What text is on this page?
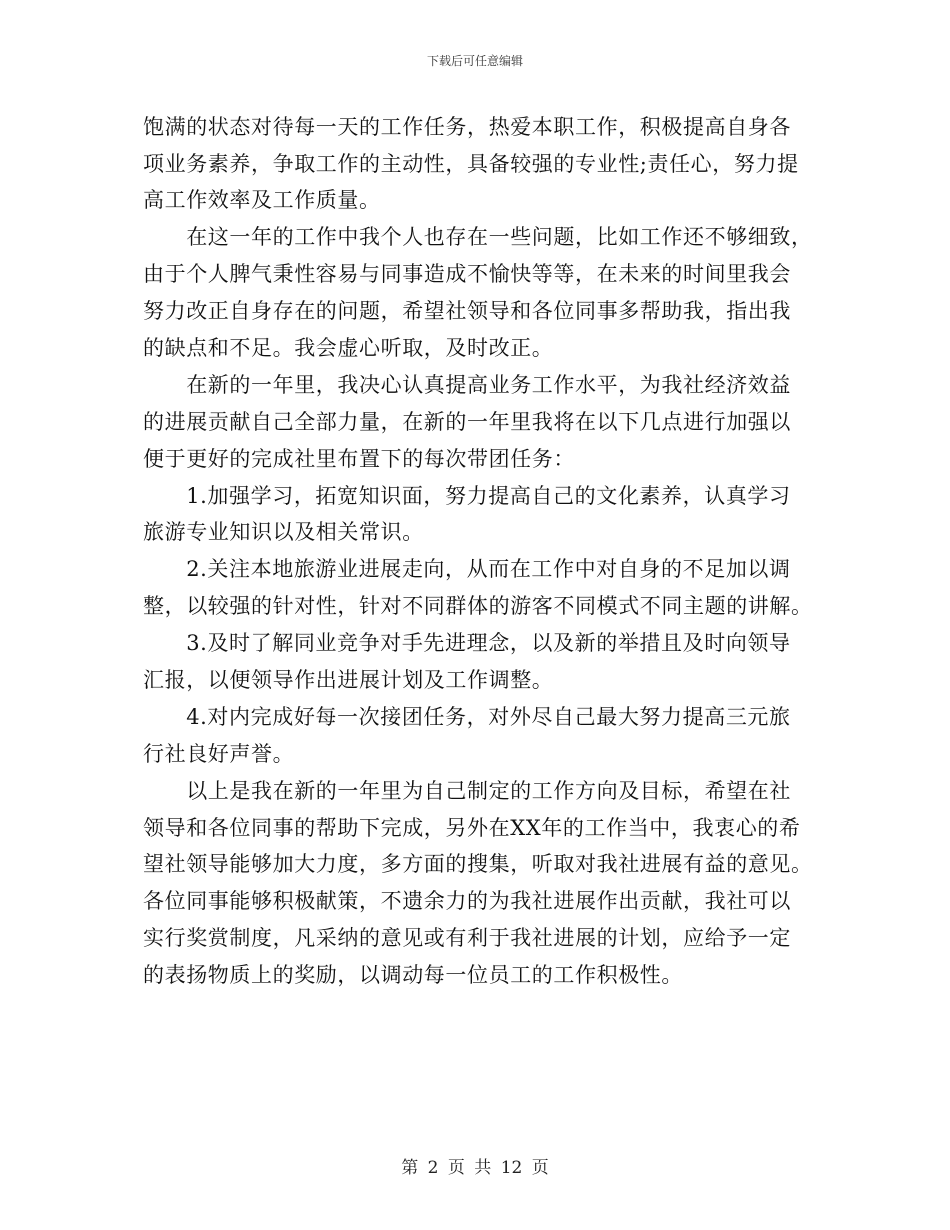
下载后可任意编辑
饱满的状态对待每一天的工作任务，热爱本职工作，积极提高自身各
项业务素养，争取工作的主动性，具备较强的专业性;责任心，努力提
高工作效率及工作质量。
　　在这一年的工作中我个人也存在一些问题，比如工作还不够细致，
由于个人脾气秉性容易与同事造成不愉快等等，在未来的时间里我会
努力改正自身存在的问题，希望社领导和各位同事多帮助我，指出我
的缺点和不足。我会虚心听取，及时改正。
　　在新的一年里，我决心认真提高业务工作水平，为我社经济效益
的进展贡献自己全部力量，在新的一年里我将在以下几点进行加强以
便于更好的完成社里布置下的每次带团任务：
　　1.加强学习，拓宽知识面，努力提高自己的文化素养，认真学习
旅游专业知识以及相关常识。
　　2.关注本地旅游业进展走向，从而在工作中对自身的不足加以调
整，以较强的针对性，针对不同群体的游客不同模式不同主题的讲解。
　　3.及时了解同业竞争对手先进理念，以及新的举措且及时向领导
汇报，以便领导作出进展计划及工作调整。
　　4.对内完成好每一次接团任务，对外尽自己最大努力提高三元旅
行社良好声誉。
　　以上是我在新的一年里为自己制定的工作方向及目标，希望在社
领导和各位同事的帮助下完成，另外在XX年的工作当中，我衷心的希
望社领导能够加大力度，多方面的搜集，听取对我社进展有益的意见。
各位同事能够积极献策，不遗余力的为我社进展作出贡献，我社可以
实行奖赏制度，凡采纳的意见或有利于我社进展的计划，应给予一定
的表扬物质上的奖励，以调动每一位员工的工作积极性。
第 2 页 共 12 页
